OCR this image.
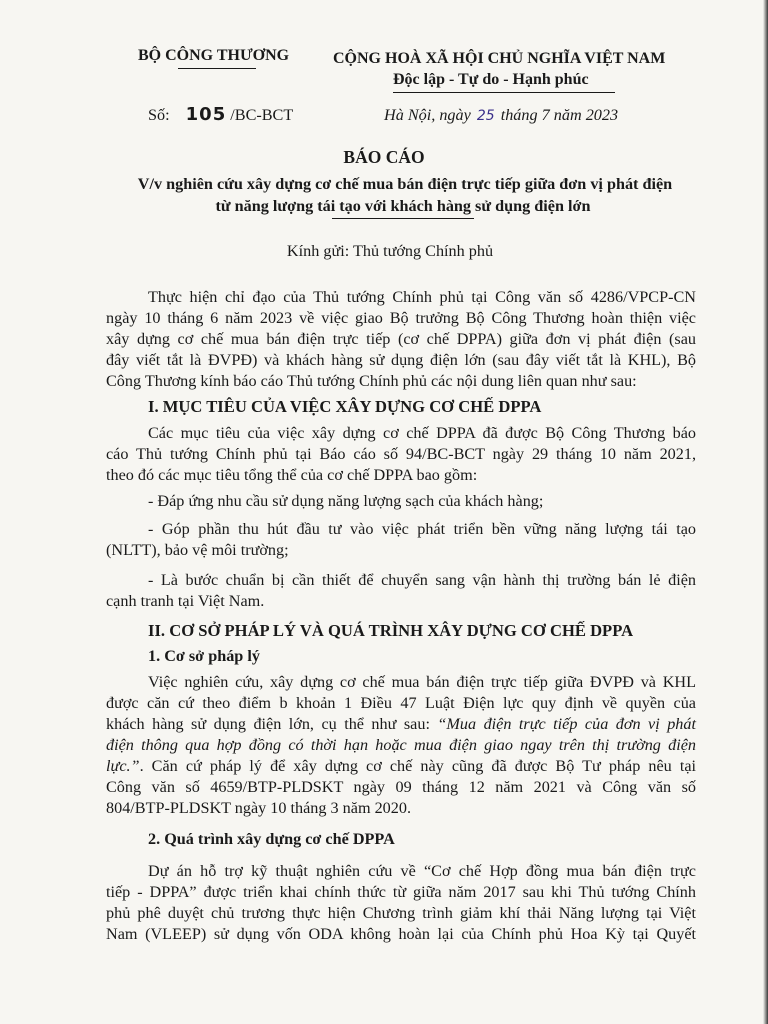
BỘ CÔNG THƯƠNG	CỘNG HOÀ XÃ HỘI CHỦ NGHĨA VIỆT NAM
Độc lập - Tự do - Hạnh phúc
Số: 105 /BC-BCT	Hà Nội, ngày 25 tháng 7 năm 2023
BÁO CÁO
V/v nghiên cứu xây dựng cơ chế mua bán điện trực tiếp giữa đơn vị phát điện
từ năng lượng tái tạo với khách hàng sử dụng điện lớn
Kính gửi: Thủ tướng Chính phủ
Thực hiện chỉ đạo của Thủ tướng Chính phủ tại Công văn số 4286/VPCP-CN
ngày 10 tháng 6 năm 2023 về việc giao Bộ trưởng Bộ Công Thương hoàn thiện việc
xây dựng cơ chế mua bán điện trực tiếp (cơ chế DPPA) giữa đơn vị phát điện (sau
đây viết tắt là ĐVPĐ) và khách hàng sử dụng điện lớn (sau đây viết tắt là KHL), Bộ
Công Thương kính báo cáo Thủ tướng Chính phủ các nội dung liên quan như sau:
I. MỤC TIÊU CỦA VIỆC XÂY DỰNG CƠ CHẾ DPPA
Các mục tiêu của việc xây dựng cơ chế DPPA đã được Bộ Công Thương báo
cáo Thủ tướng Chính phủ tại Báo cáo số 94/BC-BCT ngày 29 tháng 10 năm 2021,
theo đó các mục tiêu tổng thể của cơ chế DPPA bao gồm:
- Đáp ứng nhu cầu sử dụng năng lượng sạch của khách hàng;
- Góp phần thu hút đầu tư vào việc phát triển bền vững năng lượng tái tạo
(NLTT), bảo vệ môi trường;
- Là bước chuẩn bị cần thiết để chuyển sang vận hành thị trường bán lẻ điện
cạnh tranh tại Việt Nam.
II. CƠ SỞ PHÁP LÝ VÀ QUÁ TRÌNH XÂY DỰNG CƠ CHẾ DPPA
1. Cơ sở pháp lý
Việc nghiên cứu, xây dựng cơ chế mua bán điện trực tiếp giữa ĐVPĐ và KHL
được căn cứ theo điểm b khoản 1 Điều 47 Luật Điện lực quy định về quyền của
khách hàng sử dụng điện lớn, cụ thể như sau: “Mua điện trực tiếp của đơn vị phát
điện thông qua hợp đồng có thời hạn hoặc mua điện giao ngay trên thị trường điện
lực.”. Căn cứ pháp lý để xây dựng cơ chế này cũng đã được Bộ Tư pháp nêu tại
Công văn số 4659/BTP-PLDSKT ngày 09 tháng 12 năm 2021 và Công văn số
804/BTP-PLDSKT ngày 10 tháng 3 năm 2020.
2. Quá trình xây dựng cơ chế DPPA
Dự án hỗ trợ kỹ thuật nghiên cứu về “Cơ chế Hợp đồng mua bán điện trực
tiếp - DPPA” được triển khai chính thức từ giữa năm 2017 sau khi Thủ tướng Chính
phủ phê duyệt chủ trương thực hiện Chương trình giảm khí thải Năng lượng tại Việt
Nam (VLEEP) sử dụng vốn ODA không hoàn lại của Chính phủ Hoa Kỳ tại Quyết
